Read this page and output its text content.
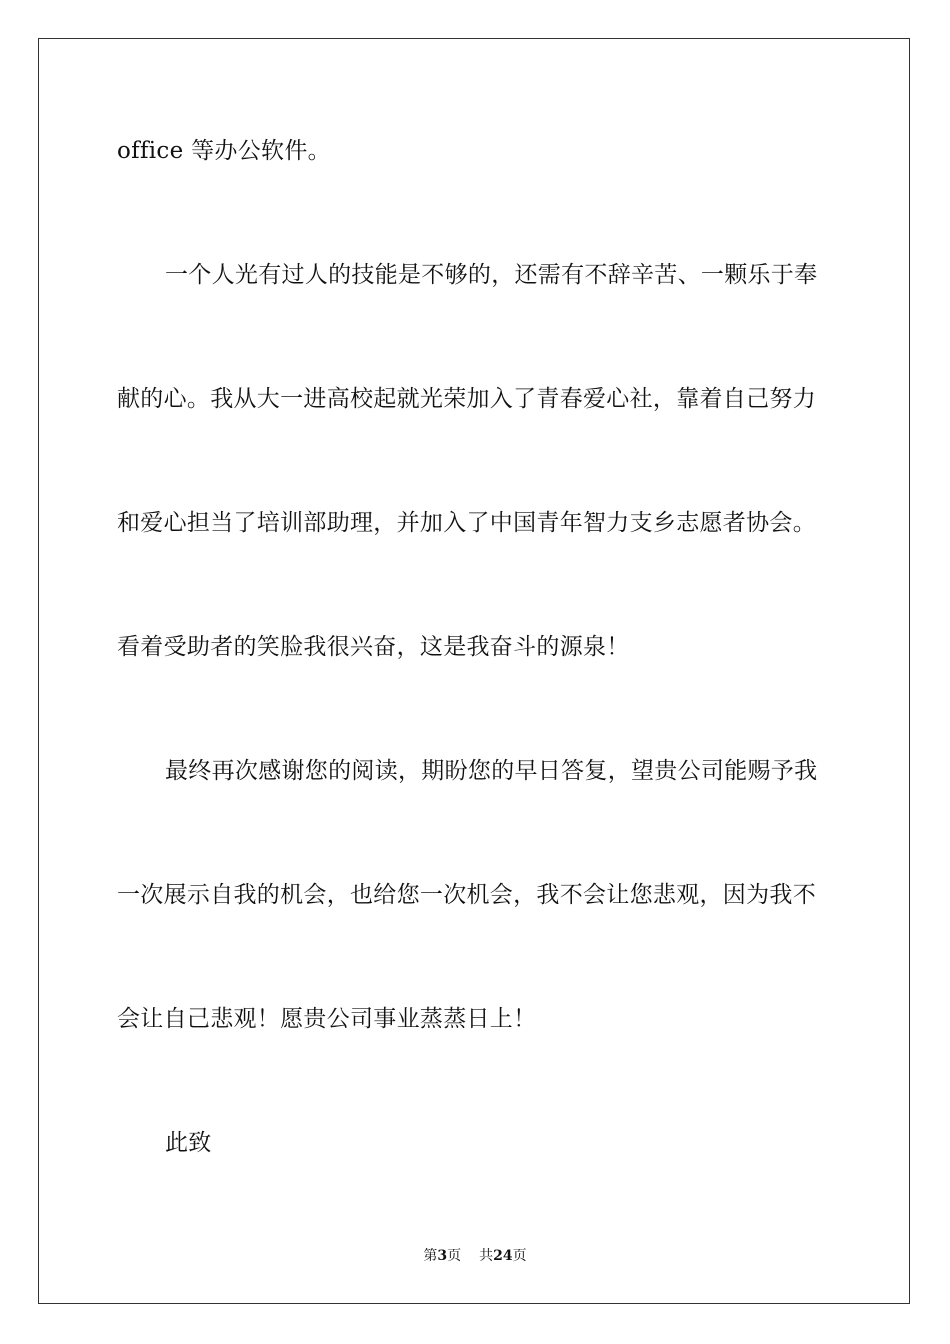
office 等办公软件。
一个人光有过人的技能是不够的，还需有不辞辛苦、一颗乐于奉
献的心。我从大一进高校起就光荣加入了青春爱心社，靠着自己努力
和爱心担当了培训部助理，并加入了中国青年智力支乡志愿者协会。
看着受助者的笑脸我很兴奋，这是我奋斗的源泉！
最终再次感谢您的阅读，期盼您的早日答复，望贵公司能赐予我
一次展示自我的机会，也给您一次机会，我不会让您悲观，因为我不
会让自己悲观！愿贵公司事业蒸蒸日上！
此致
第3页 共24页
